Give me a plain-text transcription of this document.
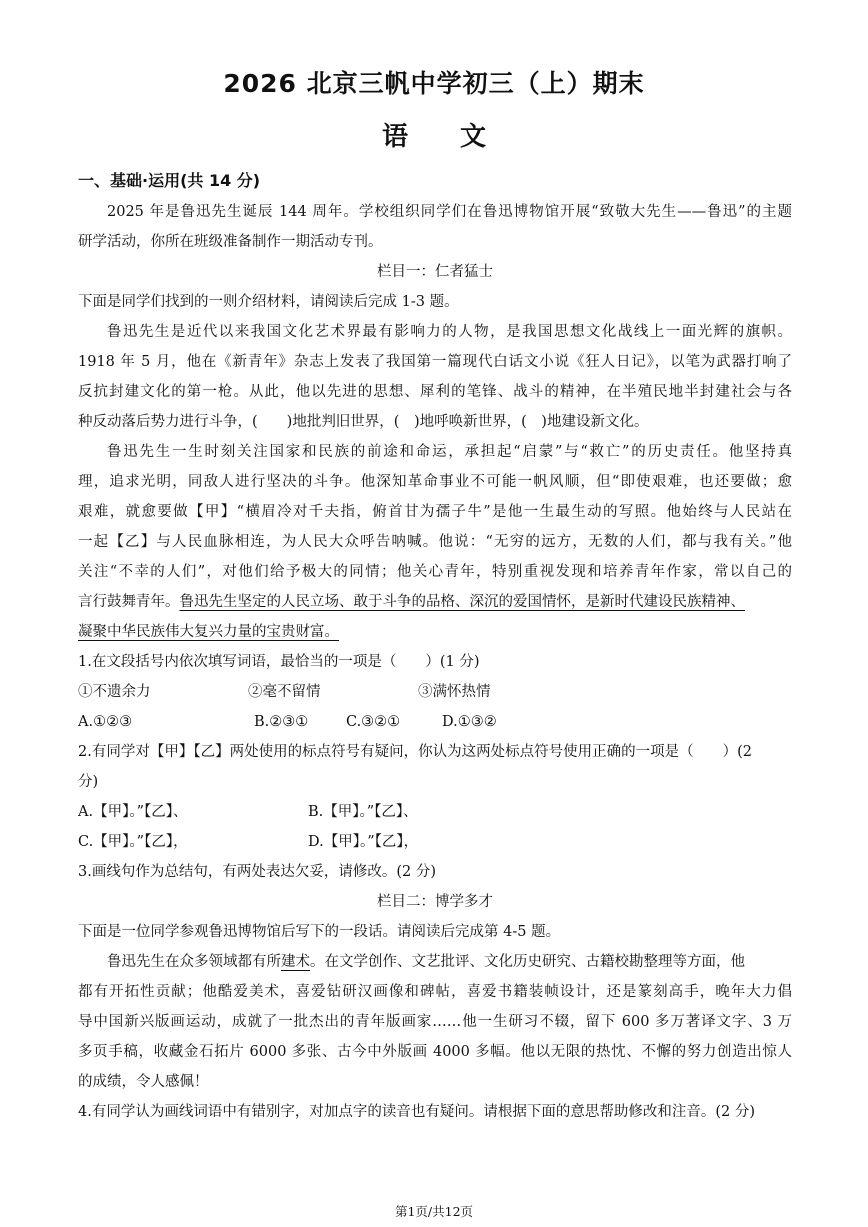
2026 北京三帆中学初三（上）期末
语文
一、基础·运用(共 14 分)
2025 年是鲁迅先生诞辰 144 周年。学校组织同学们在鲁迅博物馆开展“致敬大先生——鲁迅”的主题
研学活动，你所在班级准备制作一期活动专刊。
栏目一：仁者猛士
下面是同学们找到的一则介绍材料，请阅读后完成 1-3 题。
鲁迅先生是近代以来我国文化艺术界最有影响力的人物，是我国思想文化战线上一面光辉的旗帜。
1918 年 5 月，他在《新青年》杂志上发表了我国第一篇现代白话文小说《狂人日记》，以笔为武器打响了
反抗封建文化的第一枪。从此，他以先进的思想、犀利的笔锋、战斗的精神，在半殖民地半封建社会与各
种反动落后势力进行斗争，(　　)地批判旧世界，(　)地呼唤新世界，(　)地建设新文化。
鲁迅先生一生时刻关注国家和民族的前途和命运，承担起“启蒙”与“救亡”的历史责任。他坚持真
理，追求光明，同敌人进行坚决的斗争。他深知革命事业不可能一帆风顺，但“即使艰难，也还要做；愈
艰难，就愈要做【甲】“横眉冷对千夫指，俯首甘为孺子牛”是他一生最生动的写照。他始终与人民站在
一起【乙】与人民血脉相连，为人民大众呼告呐喊。他说：“无穷的远方，无数的人们，都与我有关。”他
关注“不幸的人们”，对他们给予极大的同情；他关心青年，特别重视发现和培养青年作家，常以自己的
言行鼓舞青年。鲁迅先生坚定的人民立场、敢于斗争的品格、深沉的爱国情怀，是新时代建设民族精神、
凝聚中华民族伟大复兴力量的宝贵财富。
1.在文段括号内依次填写词语，最恰当的一项是（　　）(1 分)
①不遗余力	②毫不留情	③满怀热情
A.①②③	B.②③①	C.③②①	D.①③②
2.有同学对【甲】【乙】两处使用的标点符号有疑问，你认为这两处标点符号使用正确的一项是（　　）(2
分)
A.【甲】。”【乙】、	B.【甲】。”【乙】、
C.【甲】。”【乙】，	D.【甲】。”【乙】，
3.画线句作为总结句，有两处表达欠妥，请修改。(2 分)
栏目二：博学多才
下面是一位同学参观鲁迅博物馆后写下的一段话。请阅读后完成第 4-5 题。
鲁迅先生在众多领域都有所建术。在文学创作、文艺批评、文化历史研究、古籍校勘整理等方面，他
都有开拓性贡献；他酷爱美术，喜爱钻研汉画像和碑帖，喜爱书籍装帧设计，还是篆刻高手，晚年大力倡
导中国新兴版画运动，成就了一批杰出的青年版画家……他一生研习不辍，留下 600 多万著译文字、3 万
多页手稿，收藏金石拓片 6000 多张、古今中外版画 4000 多幅。他以无限的热忱、不懈的努力创造出惊人
的成绩，令人感佩！
4.有同学认为画线词语中有错别字，对加点字的读音也有疑问。请根据下面的意思帮助修改和注音。(2 分)
第1页/共12页
